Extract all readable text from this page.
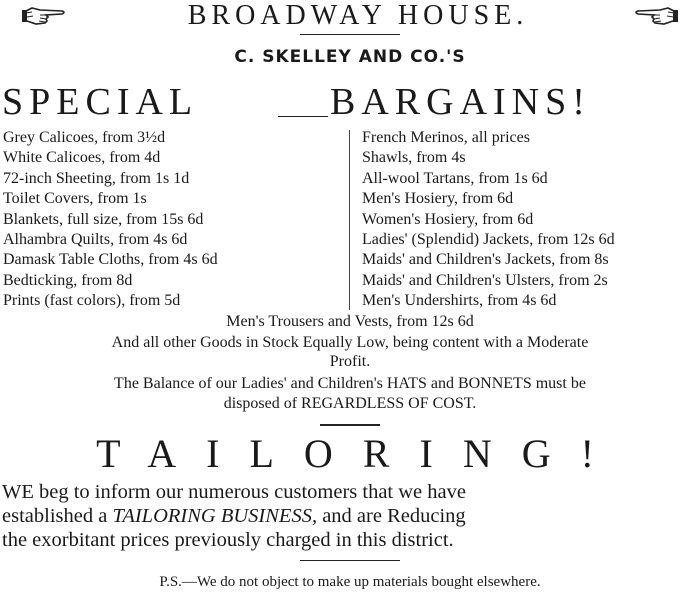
BROADWAY HOUSE.
C. SKELLEY AND CO.'S
SPECIAL	BARGAINS!
Grey Calicoes, from 3½d
White Calicoes, from 4d
72-inch Sheeting, from 1s 1d
Toilet Covers, from 1s
Blankets, full size, from 15s 6d
Alhambra Quilts, from 4s 6d
Damask Table Cloths, from 4s 6d
Bedticking, from 8d
Prints (fast colors), from 5d
French Merinos, all prices
Shawls, from 4s
All-wool Tartans, from 1s 6d
Men's Hosiery, from 6d
Women's Hosiery, from 6d
Ladies' (Splendid) Jackets, from 12s 6d
Maids' and Children's Jackets, from 8s
Maids' and Children's Ulsters, from 2s
Men's Undershirts, from 4s 6d
Men's Trousers and Vests, from 12s 6d
And all other Goods in Stock Equally Low, being content with a Moderate
Profit.
The Balance of our Ladies' and Children's HATS and BONNETS must be
disposed of REGARDLESS OF COST.
TAILORING!
WE beg to inform our numerous customers that we have
established a TAILORING BUSINESS, and are Reducing
the exorbitant prices previously charged in this district.
P.S.—We do not object to make up materials bought elsewhere.
